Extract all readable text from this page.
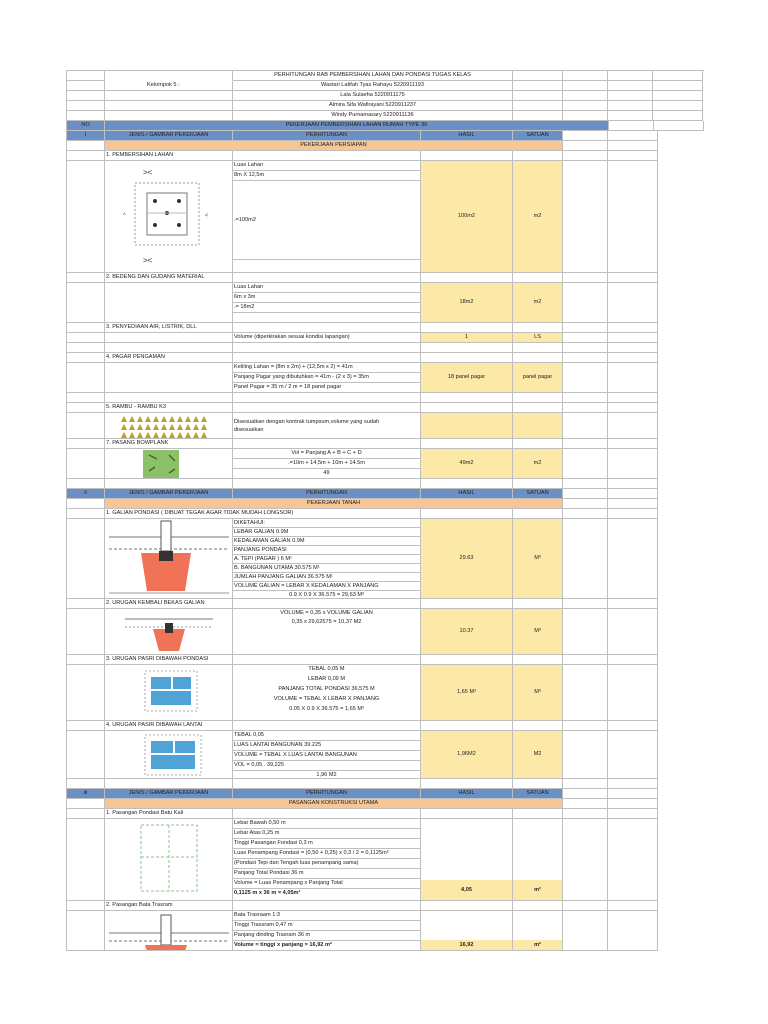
PERHITUNGAN RAB PEMBERSIHAN LAHAN DAN PONDASI TUGAS KELAS
Kelompok 5 :	Wastari Latifah Tyas Rahayu 5220911193
Lala Sulaeha 5220911175
Almira Sifa Wafirayani 5220911237
Windy Purnamasary 5220911136
NO	PEKERJAAN PEMBERSIHAN LAHAN RUMAH TYPE 36
I	JENIS / GAMBAR PEKERJAAN	PERHITUNGAN	HASIL	SATUAN
PEKERJAAN PERSIAPAN
1. PEMBERSIHAN LAHAN
><
^	<
><
Luas Lahan
8m X 12,5m
.=100m2
100m2	m2
2. BEDENG DAN GUDANG MATERIAL
Luas Lahan
6m x 3m
.= 18m2
18m2	m2
3. PENYEDIAAN AIR, LISTRIK, DLL
Volume (diperkirakan sesuai kondisi lapangan)	1	LS
4. PAGAR PENGAMAN
Keliling Lahan = (8m x 2m) + (12,5m x 2) = 41m
Panjang Pagar yang dibutuhkan = 41m - (2 x 3) = 35m
Panel Pagar = 35 m / 2 m = 18 panel pagar
18 panel pagar	panel pagar
5. RAMBU - RAMBU K3
Disesuaikan dengan kontrak tumpsum,volume yang sudah
disesuaikan
7. PASANG BOWPLANK
Vol = Panjang A + B + C + D
.=10m + 14,5m + 10m + 14.5m
49
49m2	m2
ii	JENIS / GAMBAR PEKERJAAN	PERHITUNGAN	HASIL	SATUAN
PEKERJAAN TANAH
1. GALIAN PONDASI ( DIBUAT TEGAK AGAR TIDAK MUDAH LONGSOR)
DIKETAHUI:
LEBAR GALIAN 0.9M
KEDALAMAN GALIAN 0.9M
PANJANG PONDASI
A. TEPI (PAGAR ) 6 M¹
B. BANGUNAN UTAMA 30.575 M¹
JUMLAH PANJANG GALIAN 36.575 M¹
VOLUME GALIAN = LEBAR X KEDALAMAN X PANJANG
0.9 X 0.9 X 36.575 = 29,63 M³
29.63	M³
2. URUGAN KEMBALI BEKAS GALIAN
VOLUME = 0,35 x VOLUME GALIAN
0,35 x 29,62575 = 10,37 M2
10.37	M³
3. URUGAN PASRI DIBAWAH PONDASI
TEBAL 0,05 M
LEBAR 0,09 M
PANJANG TOTAL PONDASI 36,575 M
VOLUME = TEBAL X LEBAR X PANJANG
0.05 X 0.9 X 36.575 = 1,65 M³
1,65 M³	M³
4. URUGAN PASIR DIBAWAH LANTAI
TEBAL 0,05
LUAS LANTAI BANGUNAN 39.225
VOLUME = TEBAL X LUAS LANTAI BANGUNAN
VOL = 0,05 . 39,225
1,96 M2
1,96M2	M2
iii	JENIS / GAMBAR PEKERJAAN	PERHITUNGAN	HASIL	SATUAN
PASANGAN KONSTRUKSI UTAMA
1. Pasangan Pondasi Batu Kali
Lebar Bawah 0,50 m
Lebar Atas 0,25 m
Tinggi Pasangan Fondasi 0,3 m
Luas Penampang Fondasi = (0,50 + 0,25) x 0,3 / 2 = 0,1125m²
(Pondasi Tepi dan Tengah luas penampang sama)
Panjang Total Pondasi 36 m
Volume = Luas Penampang x Panjang Total
0,1125 m x 36 m = 4,05m³	4,05	m³
2. Pasangan Bata Trasram
Bata Trasraam 1:3
Tinggi Trassram 0,47 m
Panjang dinding Trasram 36 m
Volume = tinggi x panjang = 16,92 m²	16,92	m²
